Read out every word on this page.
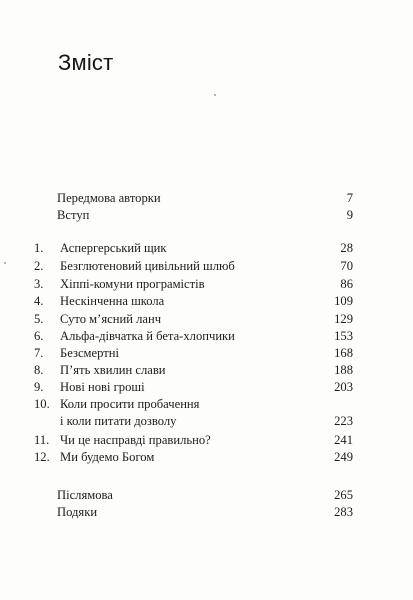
Зміст
Передмова авторки	7
Вступ	9
1.	Аспергерський щик	28
2.	Безглютеновий цивільний шлюб	70
3.	Хіппі-комуни програмістів	86
4.	Нескінченна школа	109
5.	Суто м’ясний ланч	129
6.	Альфа-дівчатка й бета-хлопчики	153
7.	Безсмертні	168
8.	П’ять хвилин слави	188
9.	Нові нові гроші	203
10. Коли просити пробачення
і коли питати дозволу	223
11. Чи це насправді правильно?	241
12. Ми будемо Богом	249
Післямова	265
Подяки	283
